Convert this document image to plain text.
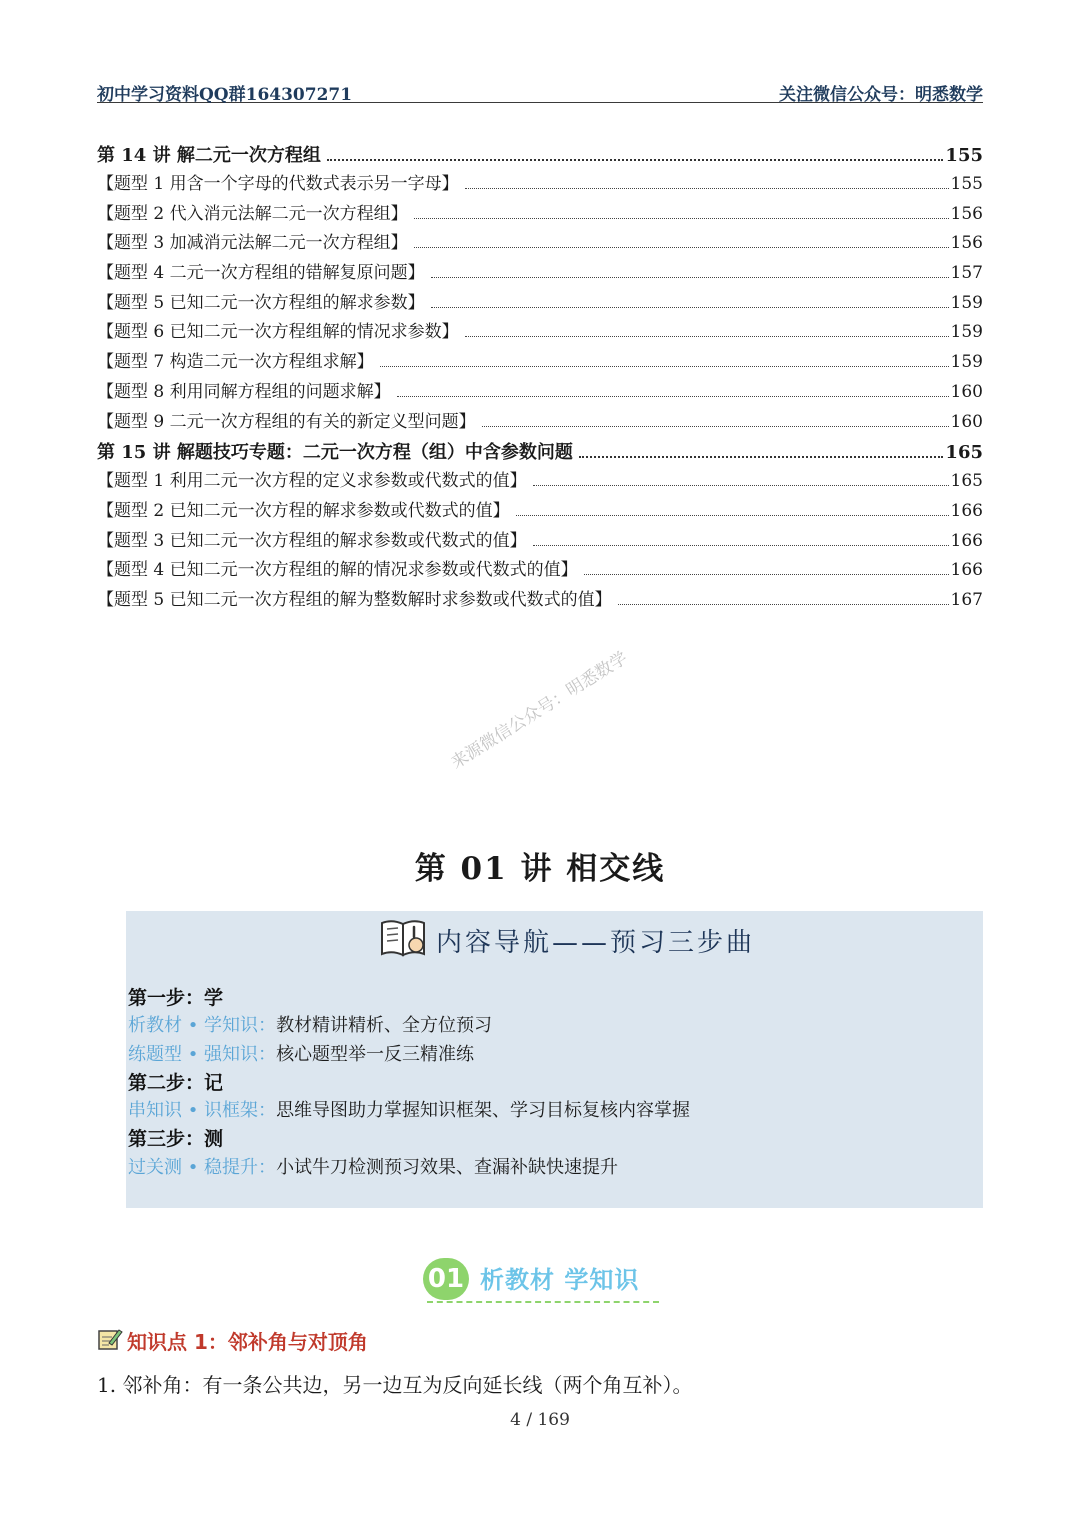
初中学习资料QQ群164307271	关注微信公众号：明悉数学
第 14 讲 解二元一次方程组	155
【题型 1 用含一个字母的代数式表示另一字母】	155
【题型 2 代入消元法解二元一次方程组】	156
【题型 3 加减消元法解二元一次方程组】	156
【题型 4 二元一次方程组的错解复原问题】	157
【题型 5 已知二元一次方程组的解求参数】	159
【题型 6 已知二元一次方程组解的情况求参数】	159
【题型 7 构造二元一次方程组求解】	159
【题型 8 利用同解方程组的问题求解】	160
【题型 9 二元一次方程组的有关的新定义型问题】	160
第 15 讲 解题技巧专题：二元一次方程（组）中含参数问题	165
【题型 1 利用二元一次方程的定义求参数或代数式的值】	165
【题型 2 已知二元一次方程的解求参数或代数式的值】	166
【题型 3 已知二元一次方程组的解求参数或代数式的值】	166
【题型 4 已知二元一次方程组的解的情况求参数或代数式的值】	166
【题型 5 已知二元一次方程组的解为整数解时求参数或代数式的值】	167
来源微信公众号：明悉数学
第 01 讲 相交线
内容导航——预习三步曲
第一步：学
析教材 • 学知识：教材精讲精析、全方位预习
练题型 • 强知识：核心题型举一反三精准练
第二步：记
串知识 • 识框架：思维导图助力掌握知识框架、学习目标复核内容掌握
第三步：测
过关测 • 稳提升：小试牛刀检测预习效果、查漏补缺快速提升
01 析教材 学知识
知识点 1：邻补角与对顶角
1. 邻补角：有一条公共边，另一边互为反向延长线（两个角互补）。
4 / 169
